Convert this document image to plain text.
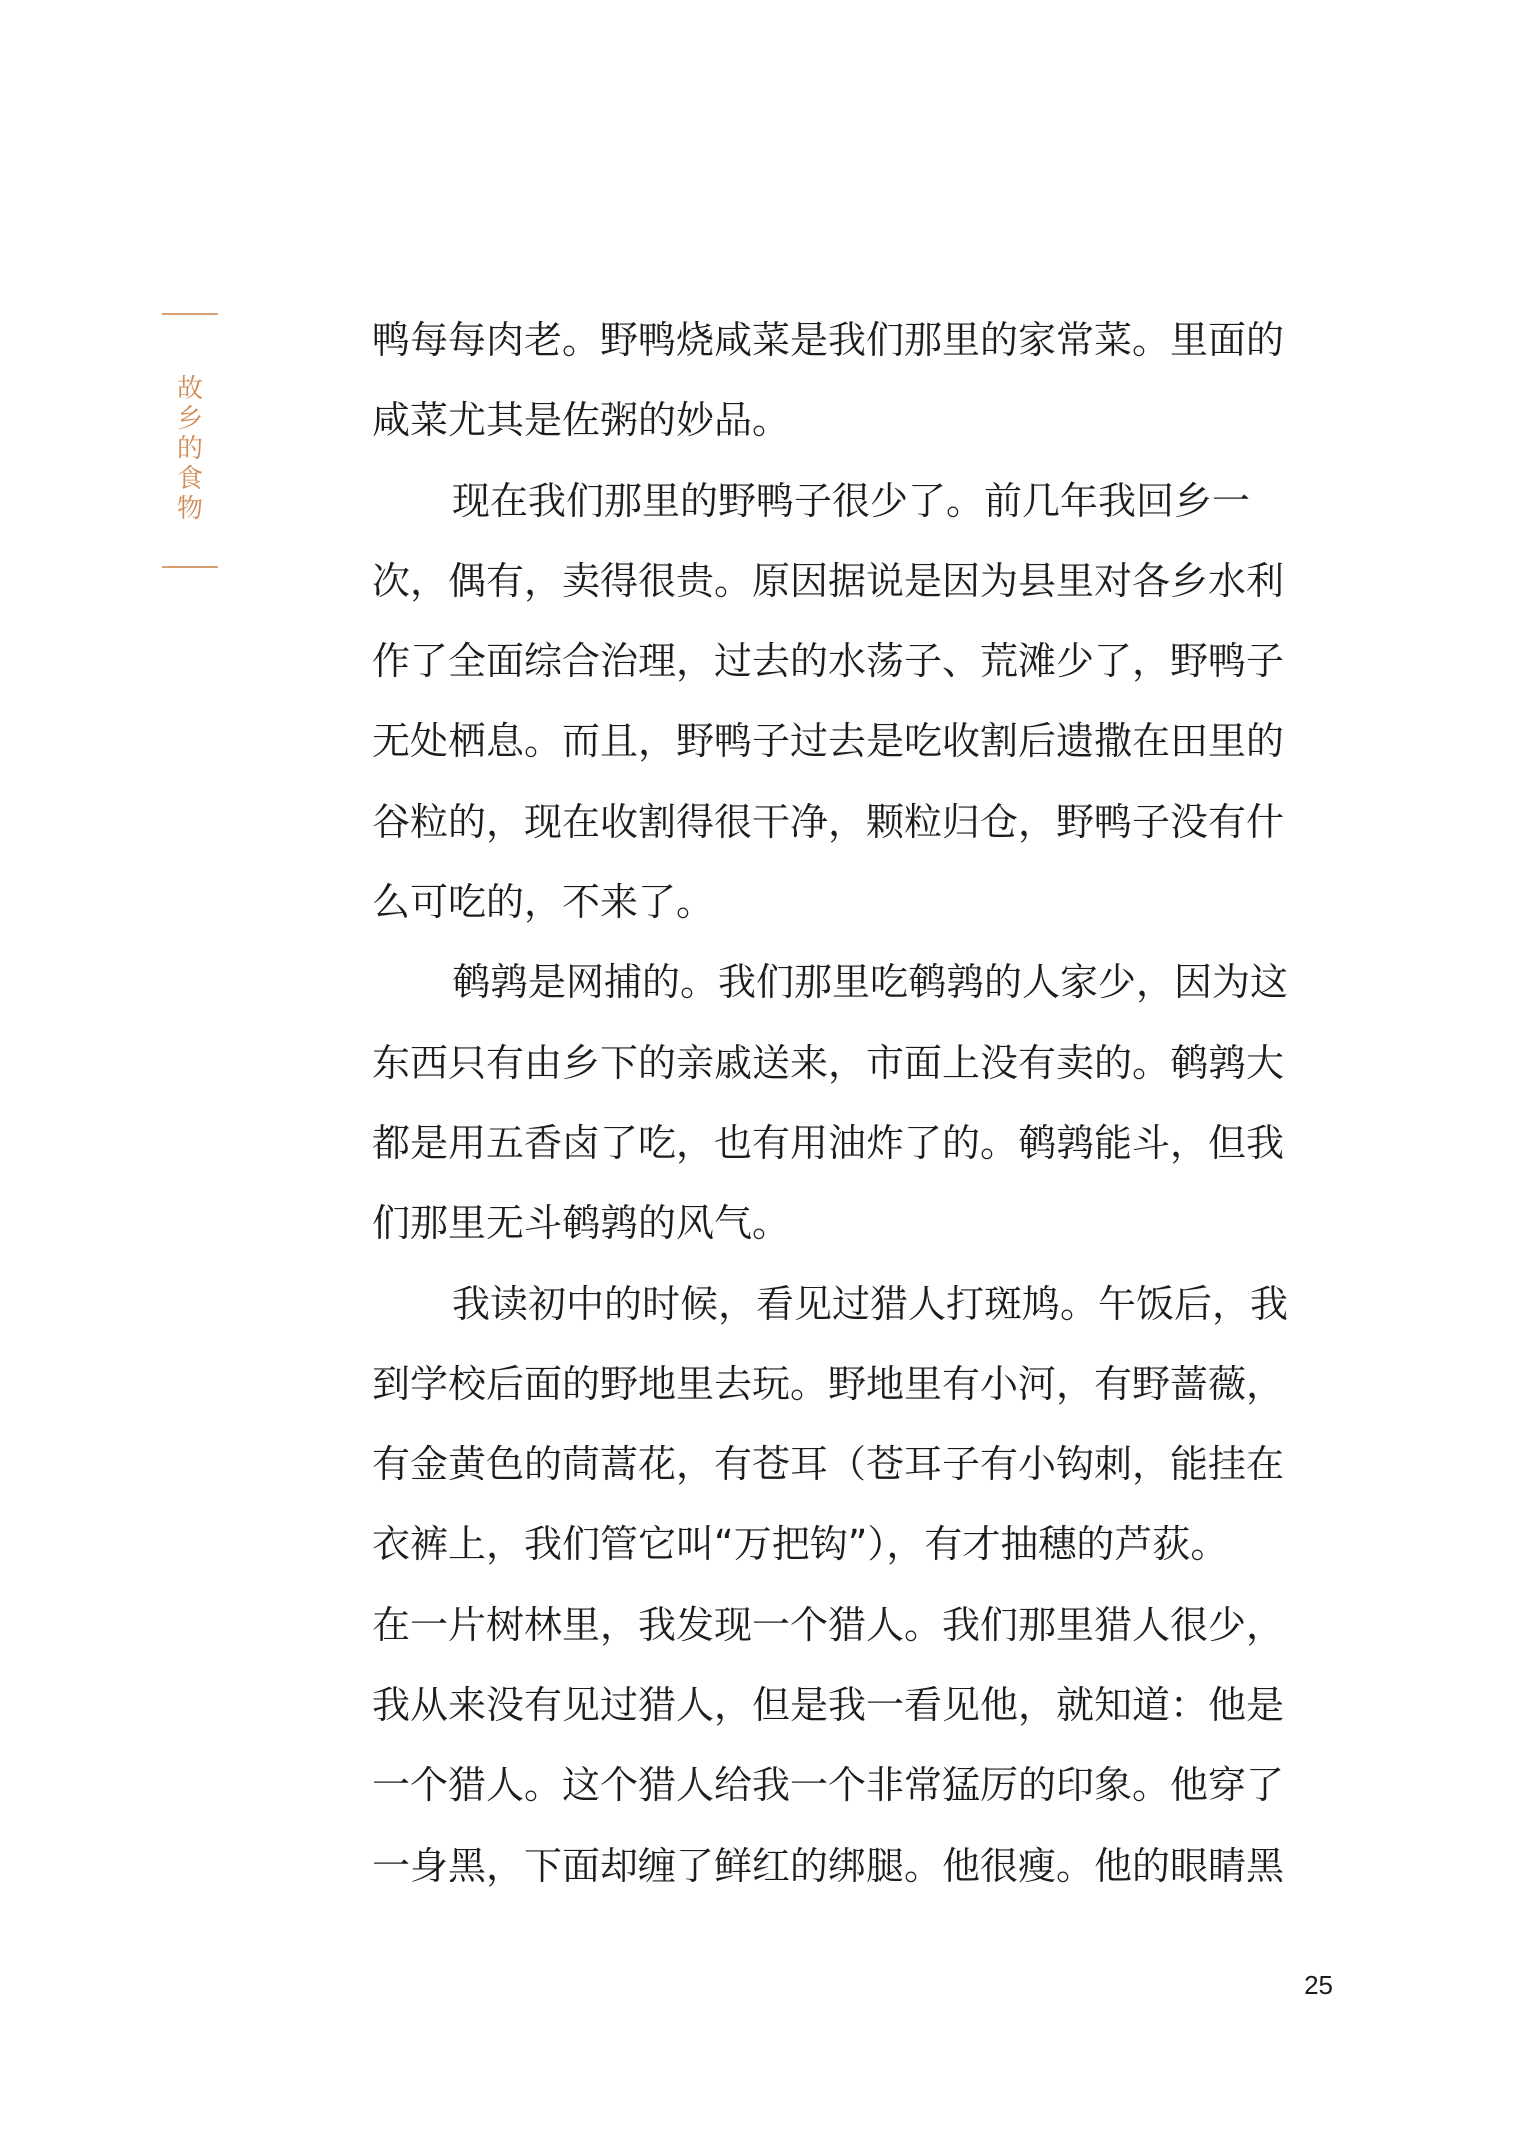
故
乡
的
食
物
鸭每每肉老。野鸭烧咸菜是我们那里的家常菜。里面的
咸菜尤其是佐粥的妙品。
现在我们那里的野鸭子很少了。前几年我回乡一
次，偶有，卖得很贵。原因据说是因为县里对各乡水利
作了全面综合治理，过去的水荡子、荒滩少了，野鸭子
无处栖息。而且，野鸭子过去是吃收割后遗撒在田里的
谷粒的，现在收割得很干净，颗粒归仓，野鸭子没有什
么可吃的，不来了。
鹌鹑是网捕的。我们那里吃鹌鹑的人家少，因为这
东西只有由乡下的亲戚送来，市面上没有卖的。鹌鹑大
都是用五香卤了吃，也有用油炸了的。鹌鹑能斗，但我
们那里无斗鹌鹑的风气。
我读初中的时候，看见过猎人打斑鸠。午饭后，我
到学校后面的野地里去玩。野地里有小河，有野蔷薇，
有金黄色的茼蒿花，有苍耳（苍耳子有小钩刺，能挂在
衣裤上，我们管它叫“万把钩”），有才抽穗的芦荻。
在一片树林里，我发现一个猎人。我们那里猎人很少，
我从来没有见过猎人，但是我一看见他，就知道：他是
一个猎人。这个猎人给我一个非常猛厉的印象。他穿了
一身黑，下面却缠了鲜红的绑腿。他很瘦。他的眼睛黑
25
